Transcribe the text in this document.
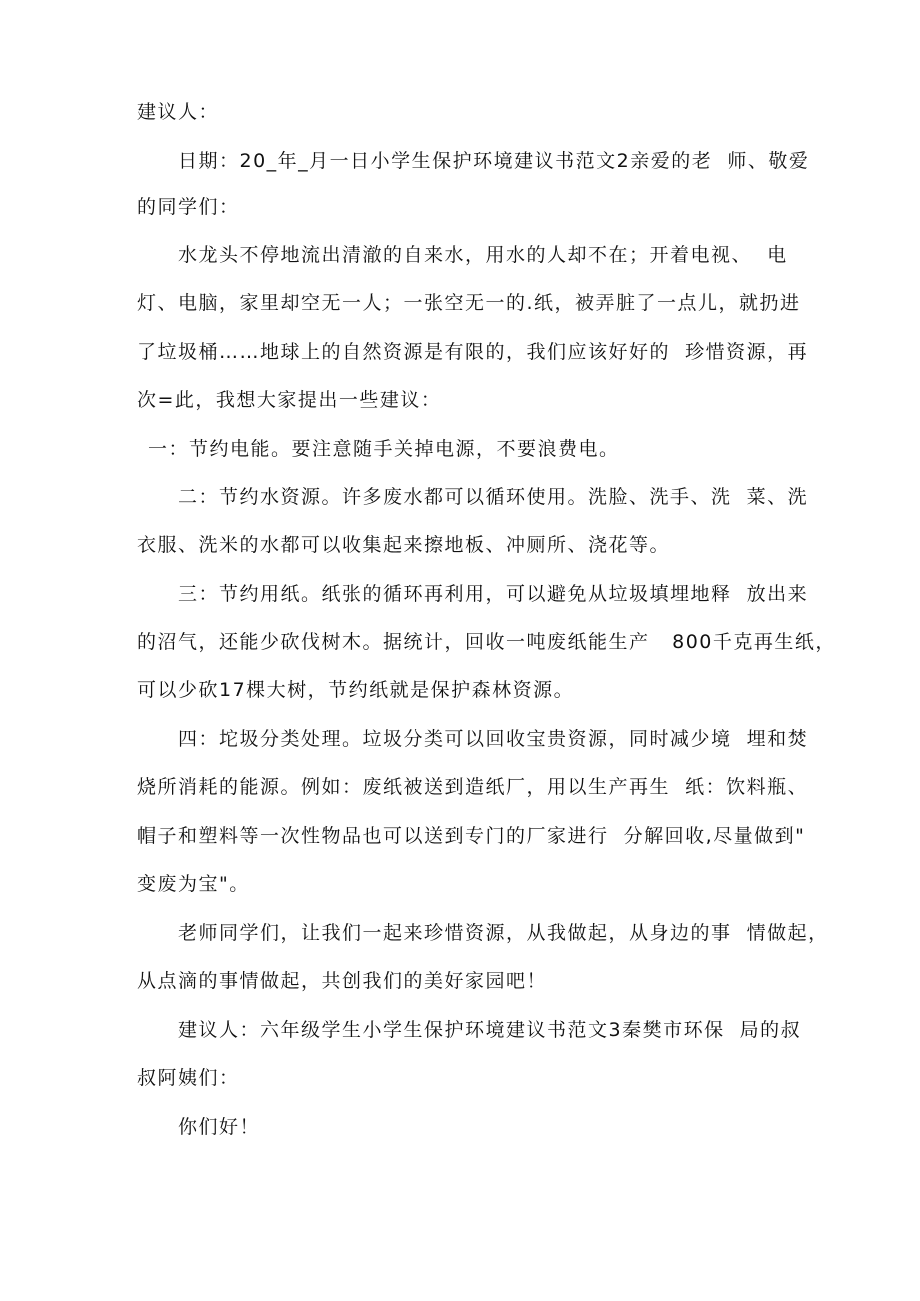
建议人：
日期：20_年_月一日小学生保护环境建议书范文2亲爱的老  师、敬爱
的同学们：
水龙头不停地流出清澈的自来水，用水的人却不在；开着电视、  电
灯、电脑，家里却空无一人；一张空无一的.纸，被弄脏了一点儿，就扔进
了垃圾桶……地球上的自然资源是有限的，我们应该好好的  珍惜资源，再
次=此，我想大家提出一些建议：
一：节约电能。要注意随手关掉电源，不要浪费电。
二：节约水资源。许多废水都可以循环使用。洗脸、洗手、洗  菜、洗
衣服、洗米的水都可以收集起来擦地板、冲厕所、浇花等。
三：节约用纸。纸张的循环再利用，可以避免从垃圾填埋地释  放出来
的沼气，还能少砍伐树木。据统计，回收一吨废纸能生产   800千克再生纸，
可以少砍17棵大树，节约纸就是保护森林资源。
四：坨圾分类处理。垃圾分类可以回收宝贵资源，同时减少境  埋和焚
烧所消耗的能源。例如：废纸被送到造纸厂，用以生产再生  纸：饮料瓶、
帽子和塑料等一次性物品也可以送到专门的厂家进行  分解回收,尽量做到"
变废为宝"。
老师同学们，让我们一起来珍惜资源，从我做起，从身边的事  情做起，
从点滴的事情做起，共创我们的美好家园吧！
建议人：六年级学生小学生保护环境建议书范文3秦樊市环保  局的叔
叔阿姨们：
你们好！
